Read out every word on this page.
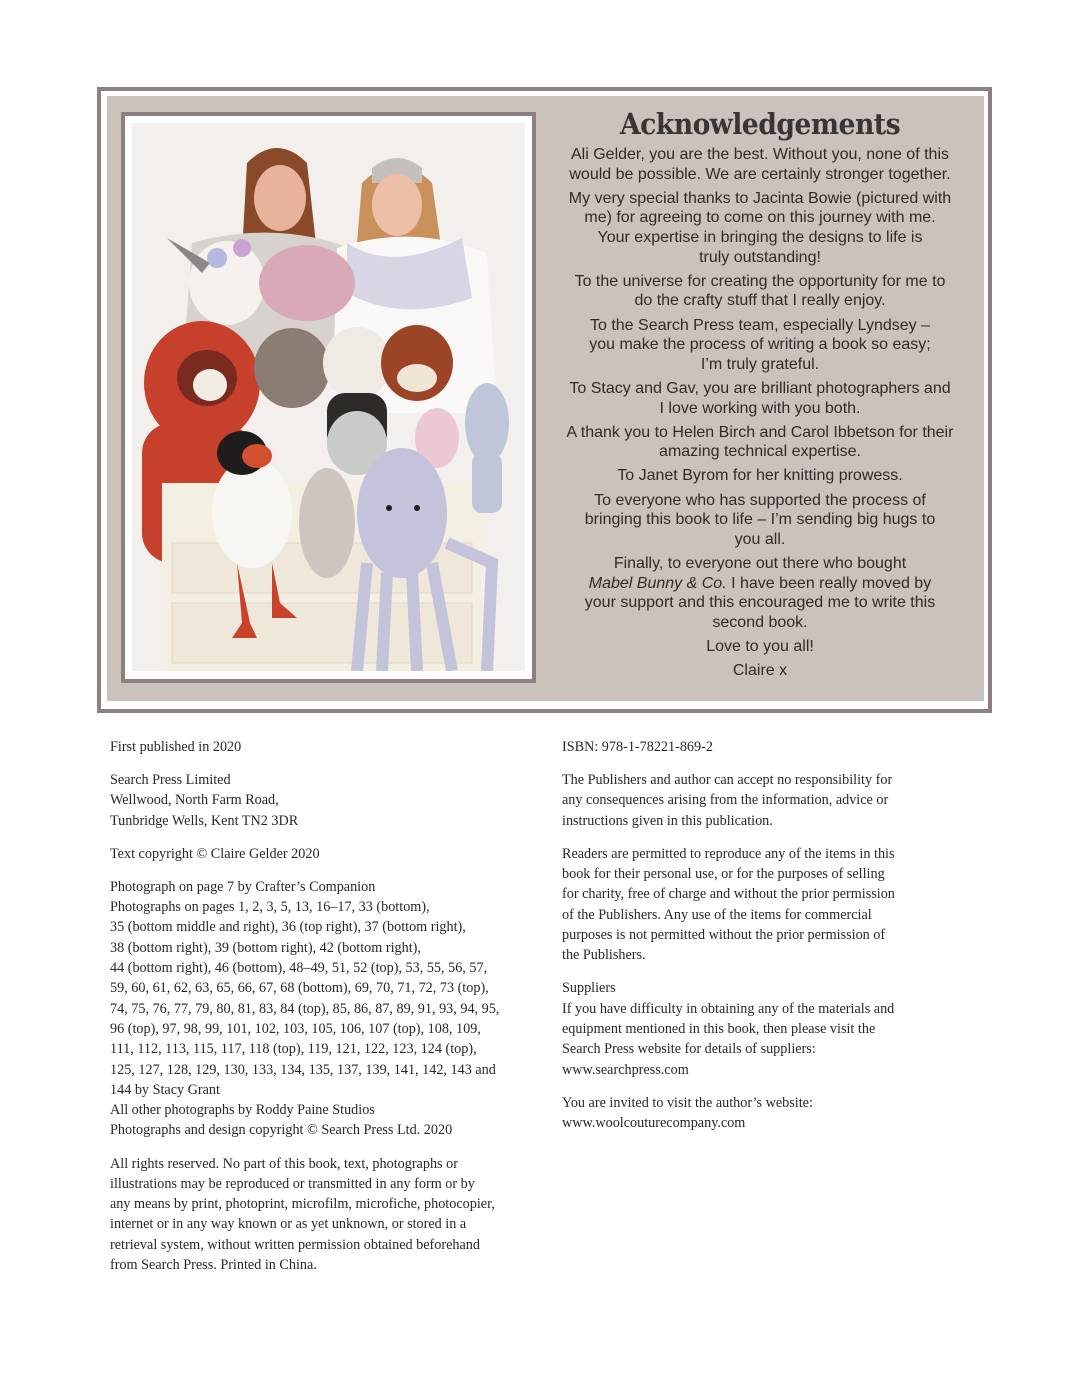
Acknowledgements

Ali Gelder, you are the best. Without you, none of this
would be possible. We are certainly stronger together.

My very special thanks to Jacinta Bowie (pictured with
me) for agreeing to come on this journey with me.
Your expertise in bringing the designs to life is
truly outstanding!

To the universe for creating the opportunity for me to
do the crafty stuff that I really enjoy.

To the Search Press team, especially Lyndsey –
you make the process of writing a book so easy;
I’m truly grateful.

To Stacy and Gav, you are brilliant photographers and
I love working with you both.

A thank you to Helen Birch and Carol Ibbetson for their
amazing technical expertise.

To Janet Byrom for her knitting prowess.

To everyone who has supported the process of
bringing this book to life – I’m sending big hugs to
you all.

Finally, to everyone out there who bought
Mabel Bunny & Co. I have been really moved by
your support and this encouraged me to write this
second book.

Love to you all!

Claire x

First published in 2020

Search Press Limited
Wellwood, North Farm Road,
Tunbridge Wells, Kent TN2 3DR

Text copyright © Claire Gelder 2020

Photograph on page 7 by Crafter’s Companion
Photographs on pages 1, 2, 3, 5, 13, 16–17, 33 (bottom),
35 (bottom middle and right), 36 (top right), 37 (bottom right),
38 (bottom right), 39 (bottom right), 42 (bottom right),
44 (bottom right), 46 (bottom), 48–49, 51, 52 (top), 53, 55, 56, 57,
59, 60, 61, 62, 63, 65, 66, 67, 68 (bottom), 69, 70, 71, 72, 73 (top),
74, 75, 76, 77, 79, 80, 81, 83, 84 (top), 85, 86, 87, 89, 91, 93, 94, 95,
96 (top), 97, 98, 99, 101, 102, 103, 105, 106, 107 (top), 108, 109,
111, 112, 113, 115, 117, 118 (top), 119, 121, 122, 123, 124 (top),
125, 127, 128, 129, 130, 133, 134, 135, 137, 139, 141, 142, 143 and
144 by Stacy Grant
All other photographs by Roddy Paine Studios
Photographs and design copyright © Search Press Ltd. 2020

All rights reserved. No part of this book, text, photographs or
illustrations may be reproduced or transmitted in any form or by
any means by print, photoprint, microfilm, microfiche, photocopier,
internet or in any way known or as yet unknown, or stored in a
retrieval system, without written permission obtained beforehand
from Search Press. Printed in China.

ISBN: 978-1-78221-869-2

The Publishers and author can accept no responsibility for
any consequences arising from the information, advice or
instructions given in this publication.

Readers are permitted to reproduce any of the items in this
book for their personal use, or for the purposes of selling
for charity, free of charge and without the prior permission
of the Publishers. Any use of the items for commercial
purposes is not permitted without the prior permission of
the Publishers.

Suppliers
If you have difficulty in obtaining any of the materials and
equipment mentioned in this book, then please visit the
Search Press website for details of suppliers:
www.searchpress.com

You are invited to visit the author’s website:
www.woolcouturecompany.com
